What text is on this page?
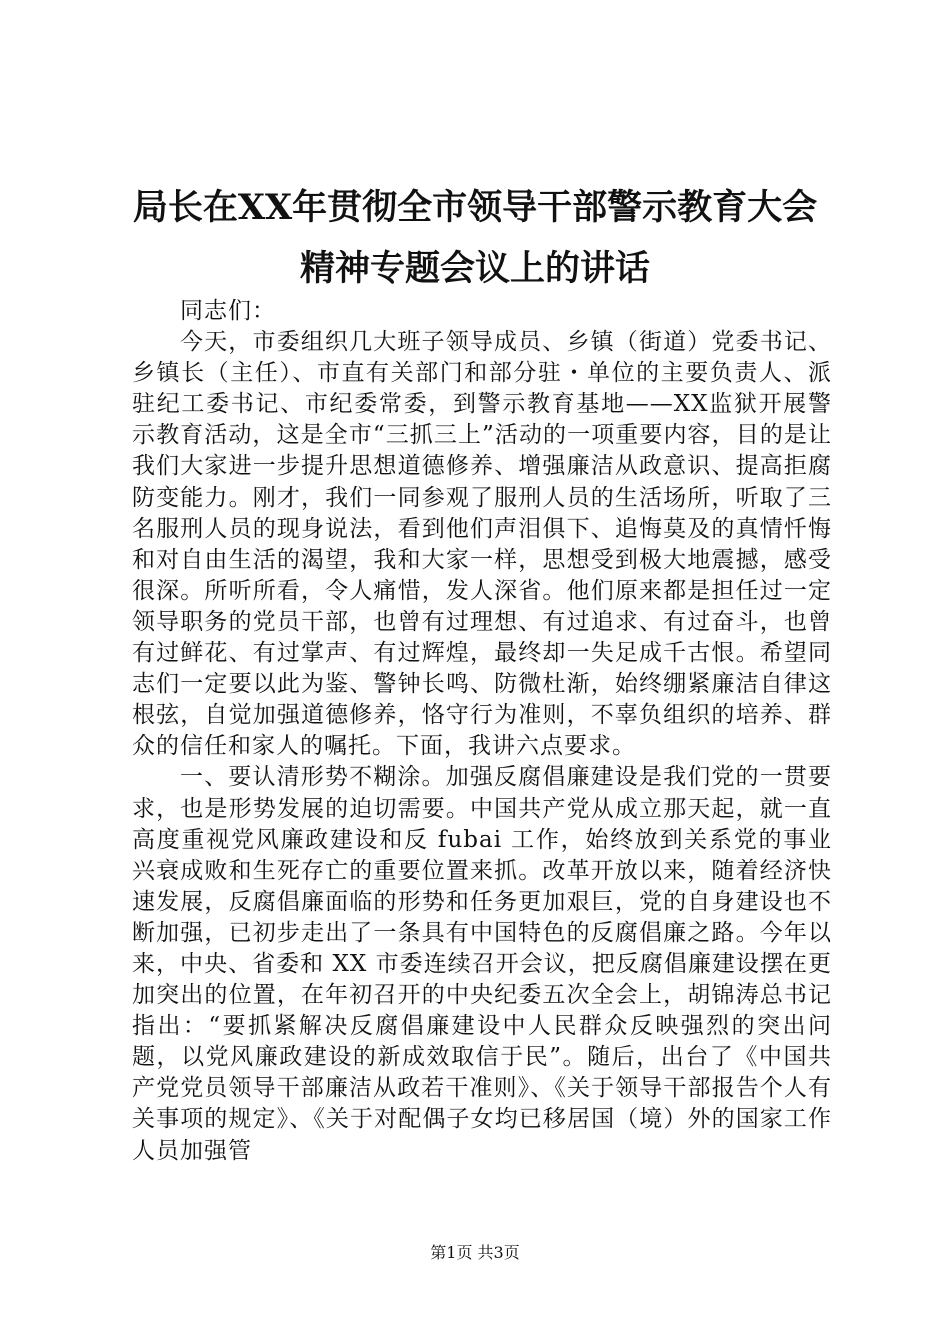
局长在XX年贯彻全市领导干部警示教育大会
精神专题会议上的讲话

同志们：

今天，市委组织几大班子领导成员、乡镇（街道）党委书记、乡镇长（主任）、市直有关部门和部分驻・单位的主要负责人、派驻纪工委书记、市纪委常委，到警示教育基地——XX监狱开展警示教育活动，这是全市“三抓三上”活动的一项重要内容，目的是让我们大家进一步提升思想道德修养、增强廉洁从政意识、提高拒腐防变能力。刚才，我们一同参观了服刑人员的生活场所，听取了三名服刑人员的现身说法，看到他们声泪俱下、追悔莫及的真情忏悔和对自由生活的渴望，我和大家一样，思想受到极大地震撼，感受很深。所听所看，令人痛惜，发人深省。他们原来都是担任过一定领导职务的党员干部，也曾有过理想、有过追求、有过奋斗，也曾有过鲜花、有过掌声、有过辉煌，最终却一失足成千古恨。希望同志们一定要以此为鉴、警钟长鸣、防微杜渐，始终绷紧廉洁自律这根弦，自觉加强道德修养，恪守行为准则，不辜负组织的培养、群众的信任和家人的嘱托。下面，我讲六点要求。

一、要认清形势不糊涂。加强反腐倡廉建设是我们党的一贯要求，也是形势发展的迫切需要。中国共产党从成立那天起，就一直高度重视党风廉政建设和反 fubai 工作，始终放到关系党的事业兴衰成败和生死存亡的重要位置来抓。改革开放以来，随着经济快速发展，反腐倡廉面临的形势和任务更加艰巨，党的自身建设也不断加强，已初步走出了一条具有中国特色的反腐倡廉之路。今年以来，中央、省委和 XX 市委连续召开会议，把反腐倡廉建设摆在更加突出的位置，在年初召开的中央纪委五次全会上，胡锦涛总书记指出：“要抓紧解决反腐倡廉建设中人民群众反映强烈的突出问题，以党风廉政建设的新成效取信于民”。随后，出台了《中国共产党党员领导干部廉洁从政若干准则》、《关于领导干部报告个人有关事项的规定》、《关于对配偶子女均已移居国（境）外的国家工作人员加强管

第1页 共3页
